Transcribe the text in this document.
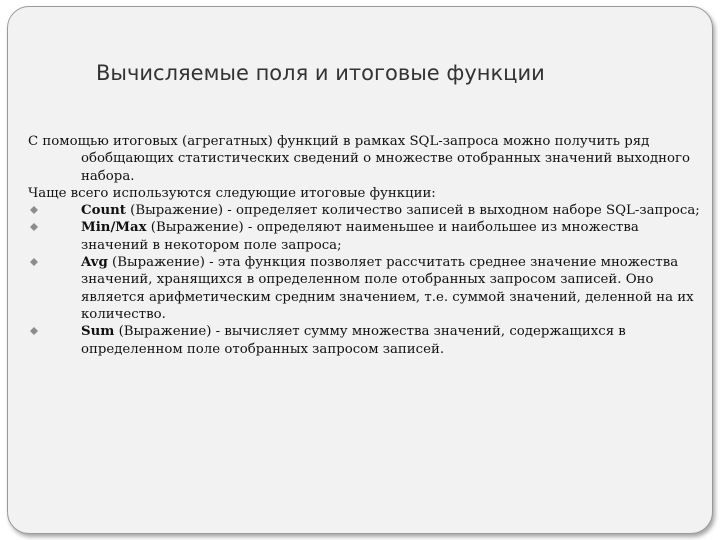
Вычисляемые поля и итоговые функции

С помощью итоговых (агрегатных) функций в рамках SQL-запроса можно получить ряд обобщающих статистических сведений о множестве отобранных значений выходного набора.

Чаще всего используются следующие итоговые функции:

Count (Выражение) - определяет количество записей в выходном наборе SQL-запроса;
Min/Max (Выражение) - определяют наименьшее и наибольшее из множества значений в некотором поле запроса;
Avg (Выражение) - эта функция позволяет рассчитать среднее значение множества значений, хранящихся в определенном поле отобранных запросом записей. Оно является арифметическим средним значением, т.е. суммой значений, деленной на их количество.
Sum (Выражение) - вычисляет сумму множества значений, содержащихся в определенном поле отобранных запросом записей.
